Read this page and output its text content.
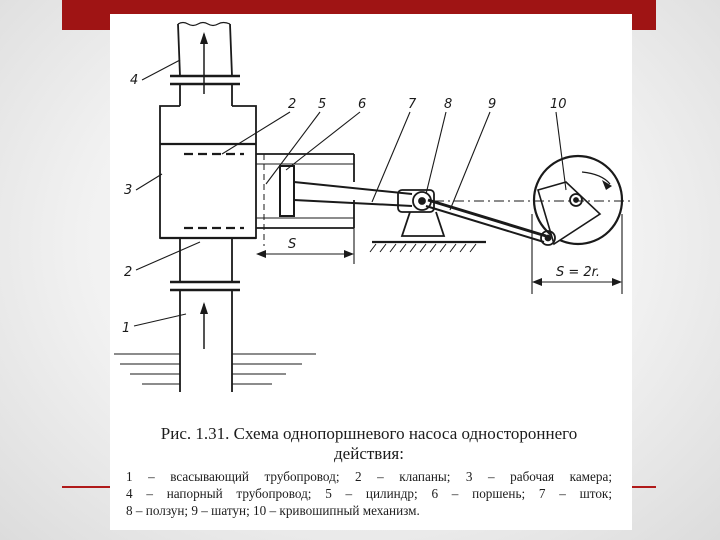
4
2 5 6	7 8	9	10
3
2
1
S
S = 2r.

Рис. 1.31. Схема однопоршневого насоса одностороннего
действия:

1 – всасывающий трубопровод; 2 – клапаны; 3 – рабочая камера;
4 – напорный трубопровод; 5 – цилиндр; 6 – поршень; 7 – шток;
8 – ползун; 9 – шатун; 10 – кривошипный механизм.
